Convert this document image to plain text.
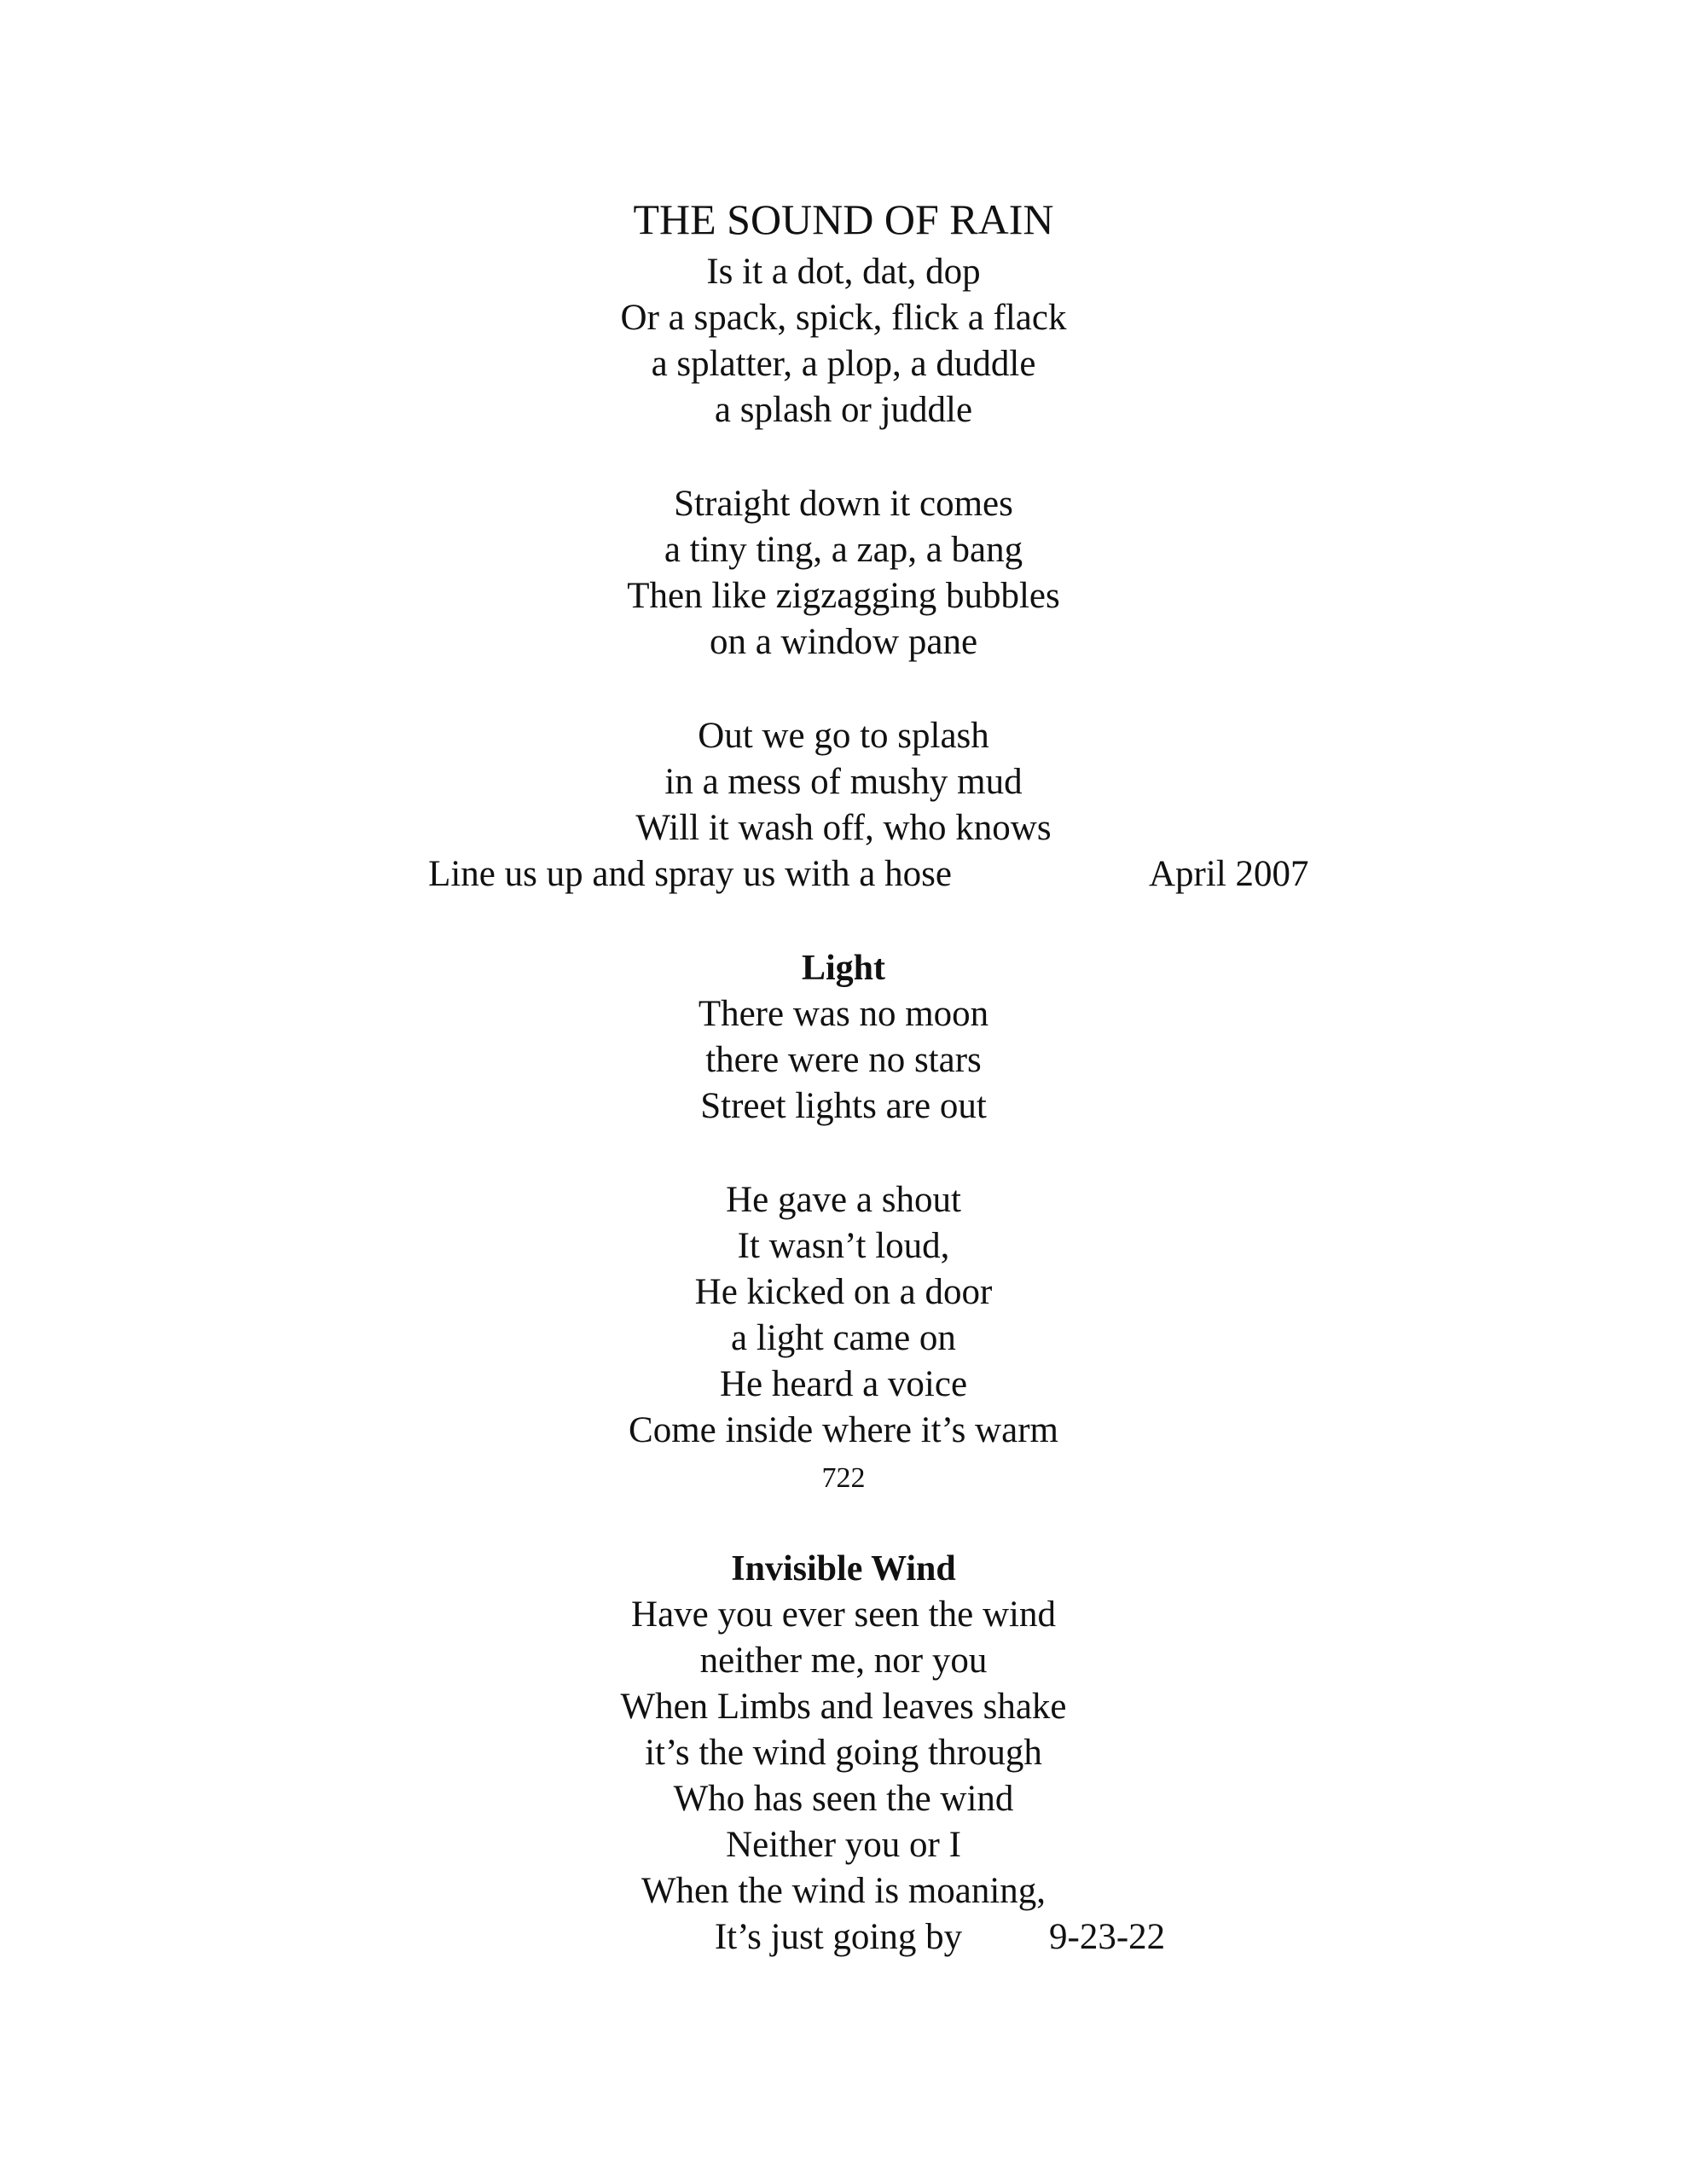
THE SOUND OF RAIN
Is it a dot, dat, dop
Or a spack, spick, flick a flack
a splatter, a plop, a duddle
a splash or juddle
Straight down it comes
a tiny ting, a zap, a bang
Then like zigzagging bubbles
on a window pane
Out we go to splash
in a mess of mushy mud
Will it wash off, who knows
Line us up and spray us with a hose	April 2007
Light
There was no moon
there were no stars
Street lights are out
He gave a shout
It wasn’t loud,
He kicked on a door
a light came on
He heard a voice
Come inside where it’s warm
722
Invisible Wind
Have you ever seen the wind
neither me, nor you
When Limbs and leaves shake
it’s the wind going through
Who has seen the wind
Neither you or I
When the wind is moaning,
It’s just going by	9-23-22
